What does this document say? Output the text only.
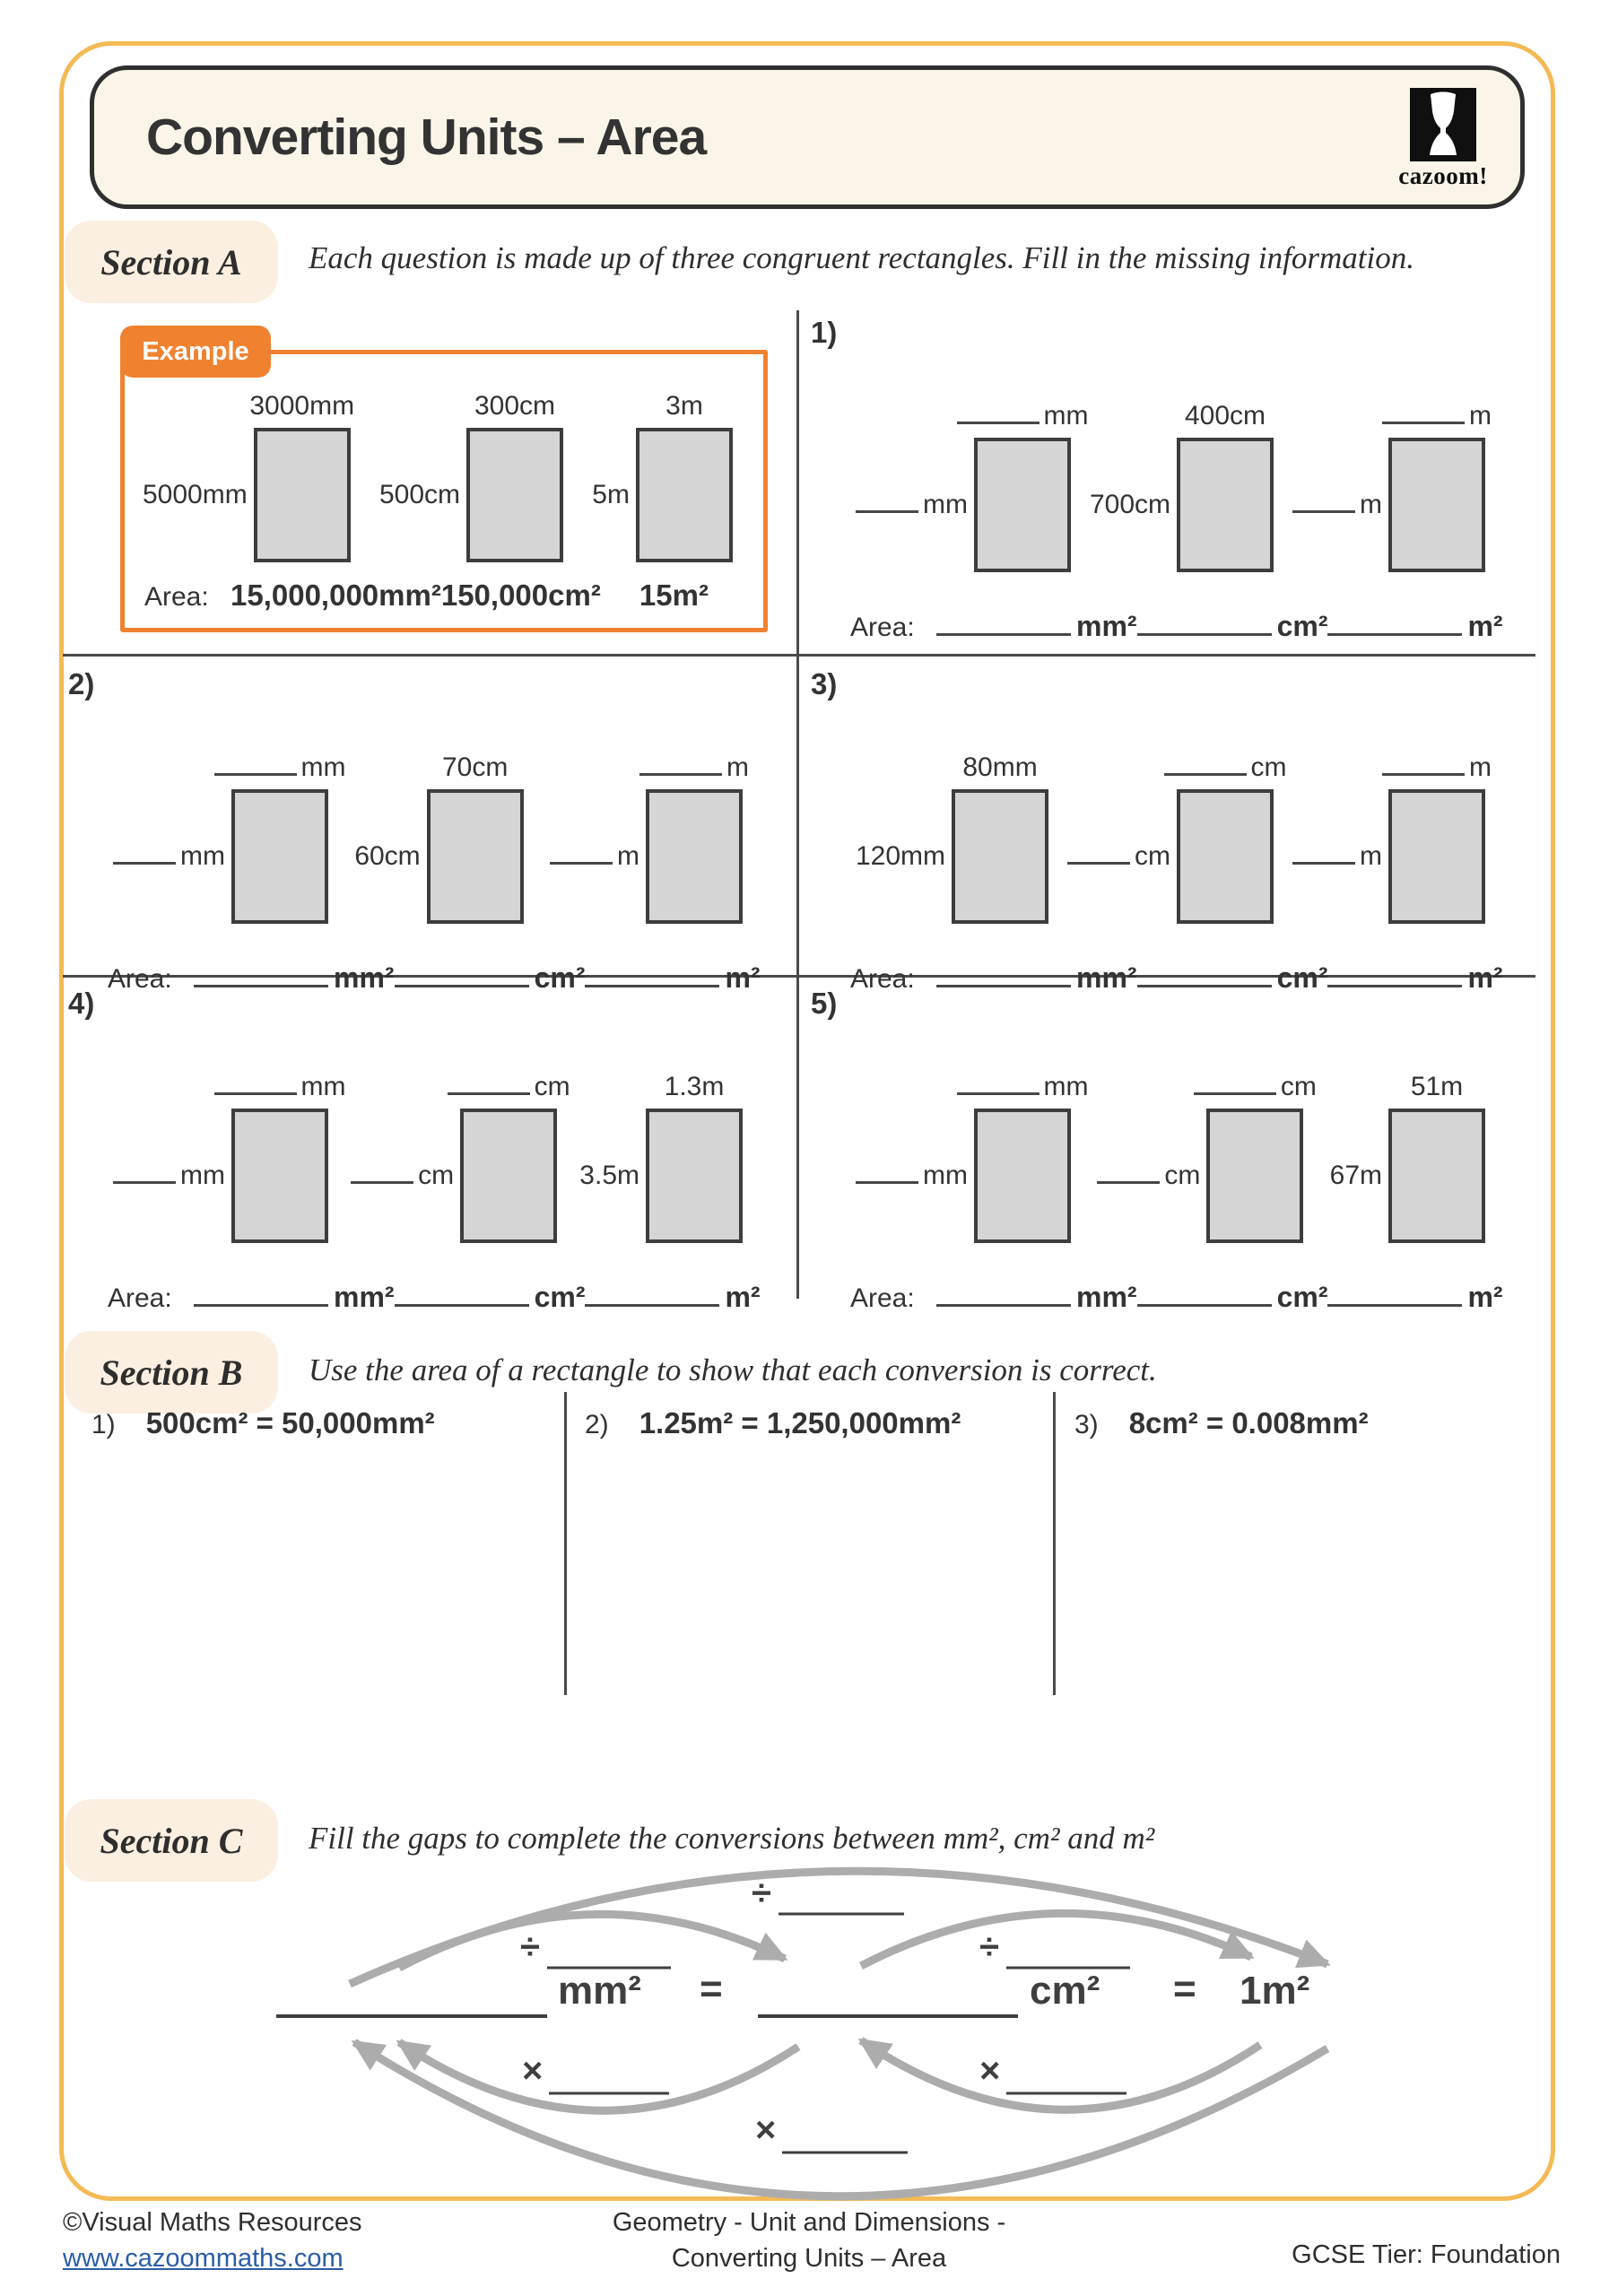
Converting Units – Area
cazoom!
Section A	Each question is made up of three congruent rectangles. Fill in the missing information.
Example
3000mm
5000mm
300cm
500cm
3m
5m
Area: 15,000,000mm² 150,000cm²	15m²
1)
mm
mm
400cm
700cm
m
m
Area:	mm²	cm²	m²
2)
mm
mm
70cm
60cm
m
m
Area:	mm²	cm²	m²
3)
80mm
120mm
cm
cm
m
m
Area:	mm²	cm²	m²
4)
mm
mm
cm
cm
1.3m
3.5m
Area:	mm²	cm²	m²
5)
mm
mm
cm
cm
51m
67m
Area:	mm²	cm²	m²
Section B	Use the area of a rectangle to show that each conversion is correct.
1) 500cm² = 50,000mm²	2) 1.25m² = 1,250,000mm²	3) 8cm² = 0.008mm²
Section C	Fill the gaps to complete the conversions between mm², cm² and m²
÷
÷	÷
mm² =	cm² = 1m²
×	×
×
©Visual Maths Resources
www.cazoommaths.com
Geometry - Unit and Dimensions -
Converting Units – Area	GCSE Tier: Foundation
